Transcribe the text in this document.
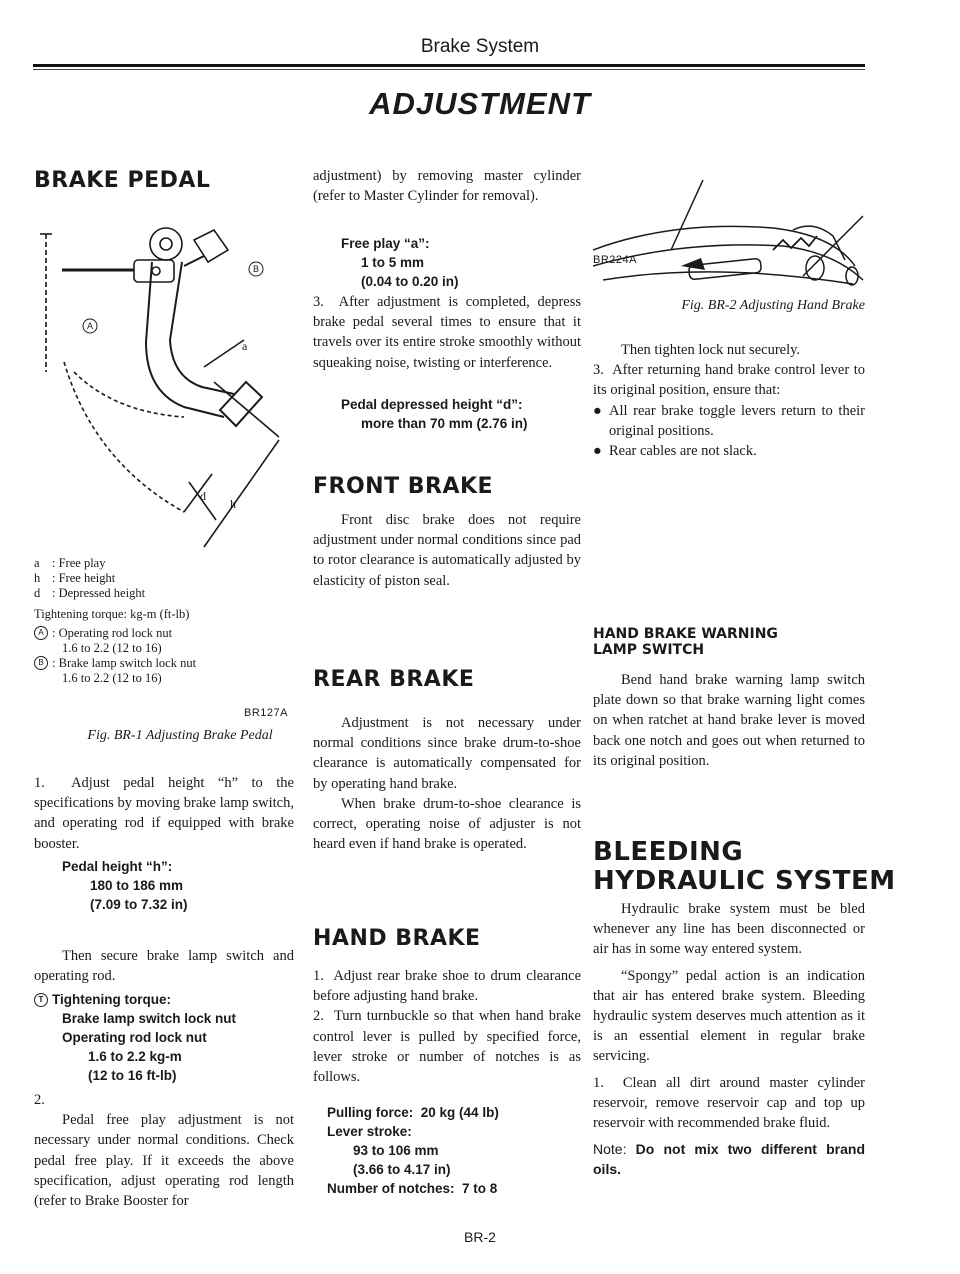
Brake System
ADJUSTMENT
BRAKE PEDAL
a
d
h
A
B
a : Free play
h : Free height
d : Depressed height
Tightening torque: kg-m (ft-lb)
A : Operating rod lock nut
1.6 to 2.2 (12 to 16)
B : Brake lamp switch lock nut
1.6 to 2.2 (12 to 16)
BR127A
Fig. BR-1 Adjusting Brake Pedal

1. Adjust pedal height “h” to the specifications by moving brake lamp switch, and operating rod if equipped with brake booster.

Pedal height “h”:
180 to 186 mm
(7.09 to 7.32 in)
Then secure brake lamp switch and operating rod.
T Tightening torque:
Brake lamp switch lock nut
Operating rod lock nut
1.6 to 2.2 kg-m
(12 to 16 ft-lb)

2.

Pedal free play adjustment is not necessary under normal conditions. Check pedal free play. If it exceeds the above specification, adjust operating rod length (refer to Brake Booster for

adjustment) by removing master cylinder (refer to Master Cylinder for removal).
Free play “a”:
1 to 5 mm
(0.04 to 0.20 in)

3. After adjustment is completed, depress brake pedal several times to ensure that it travels over its entire stroke smoothly without squeaking noise, twisting or interference.

Pedal depressed height “d”:
more than 70 mm (2.76 in)
FRONT BRAKE
Front disc brake does not require adjustment under normal conditions since pad to rotor clearance is automatically adjusted by elasticity of piston seal.
REAR BRAKE

Adjustment is not necessary under normal conditions since brake drum-to-shoe clearance is automatically compensated for by operating hand brake.

When brake drum-to-shoe clearance is correct, operating noise of adjuster is not heard even if hand brake is operated.

HAND BRAKE

1. Adjust rear brake shoe to drum clearance before adjusting hand brake.

2. Turn turnbuckle so that when hand brake control lever is pulled by specified force, lever stroke or number of notches is as follows.

Pulling force: 20 kg (44 lb)
Lever stroke:
93 to 106 mm
(3.66 to 4.17 in)
Number of notches: 7 to 8
BR224A
Fig. BR-2 Adjusting Hand Brake

Then tighten lock nut securely.

3. After returning hand brake control lever to its original position, ensure that:

● All rear brake toggle levers return to their original positions.
● Rear cables are not slack.
HAND BRAKE WARNING
LAMP SWITCH
Bend hand brake warning lamp switch plate down so that brake warning light comes on when ratchet at hand brake lever is moved back one notch and goes out when returned to its original position.
BLEEDING
HYDRAULIC SYSTEM

Hydraulic brake system must be bled whenever any line has been disconnected or air has in some way entered system.

“Spongy” pedal action is an indication that air has entered brake system. Bleeding hydraulic system deserves much attention as it is an essential element in regular brake servicing.

1. Clean all dirt around master cylinder reservoir, remove reservoir cap and top up reservoir with recommended brake fluid.

Note: Do not mix two different brand oils.

BR-2
